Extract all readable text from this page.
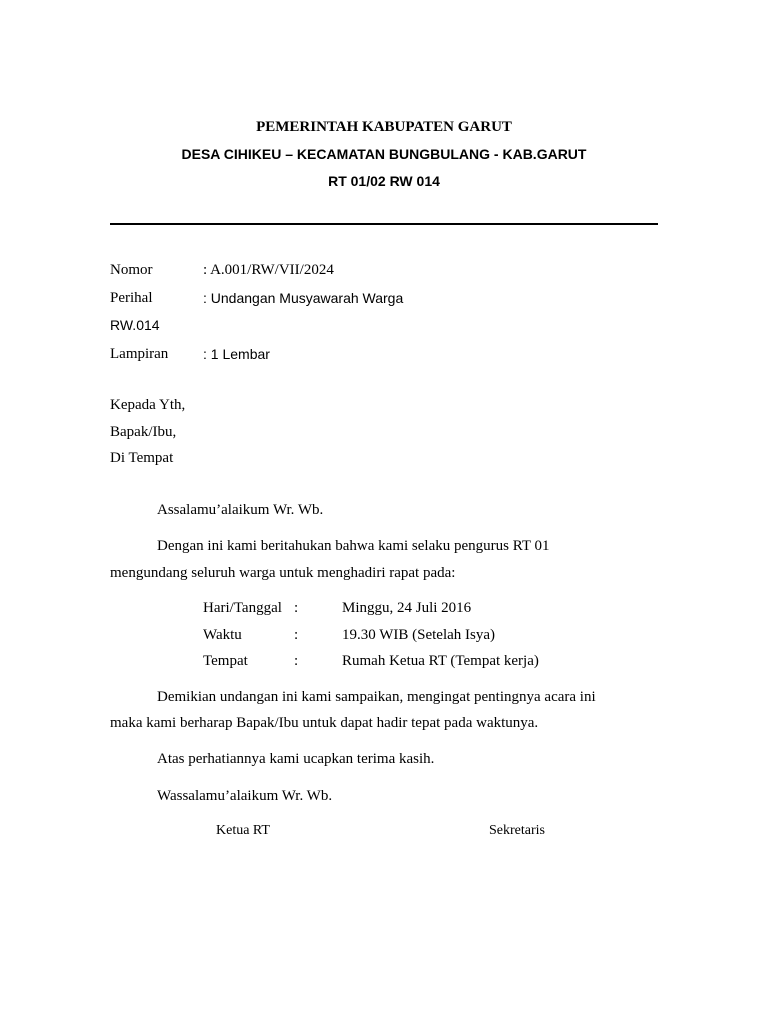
PEMERINTAH KABUPATEN GARUT
DESA CIHIKEU – KECAMATAN BUNGBULANG - KAB.GARUT
RT 01/02 RW 014
Nomor	: A.001/RW/VII/2024
Perihal	: Undangan Musyawarah Warga
RW.014
Lampiran : 1 Lembar
Kepada Yth,
Bapak/Ibu,
Di Tempat
Assalamu’alaikum Wr. Wb.
Dengan ini kami beritahukan bahwa kami selaku pengurus RT 01
mengundang seluruh warga untuk menghadiri rapat pada:
Hari/Tanggal :	Minggu, 24 Juli 2016
Waktu	:	19.30 WIB (Setelah Isya)
Tempat	:	Rumah Ketua RT (Tempat kerja)
Demikian undangan ini kami sampaikan, mengingat pentingnya acara ini
maka kami berharap Bapak/Ibu untuk dapat hadir tepat pada waktunya.
Atas perhatiannya kami ucapkan terima kasih.
Wassalamu’alaikum Wr. Wb.
Ketua RT	Sekretaris
